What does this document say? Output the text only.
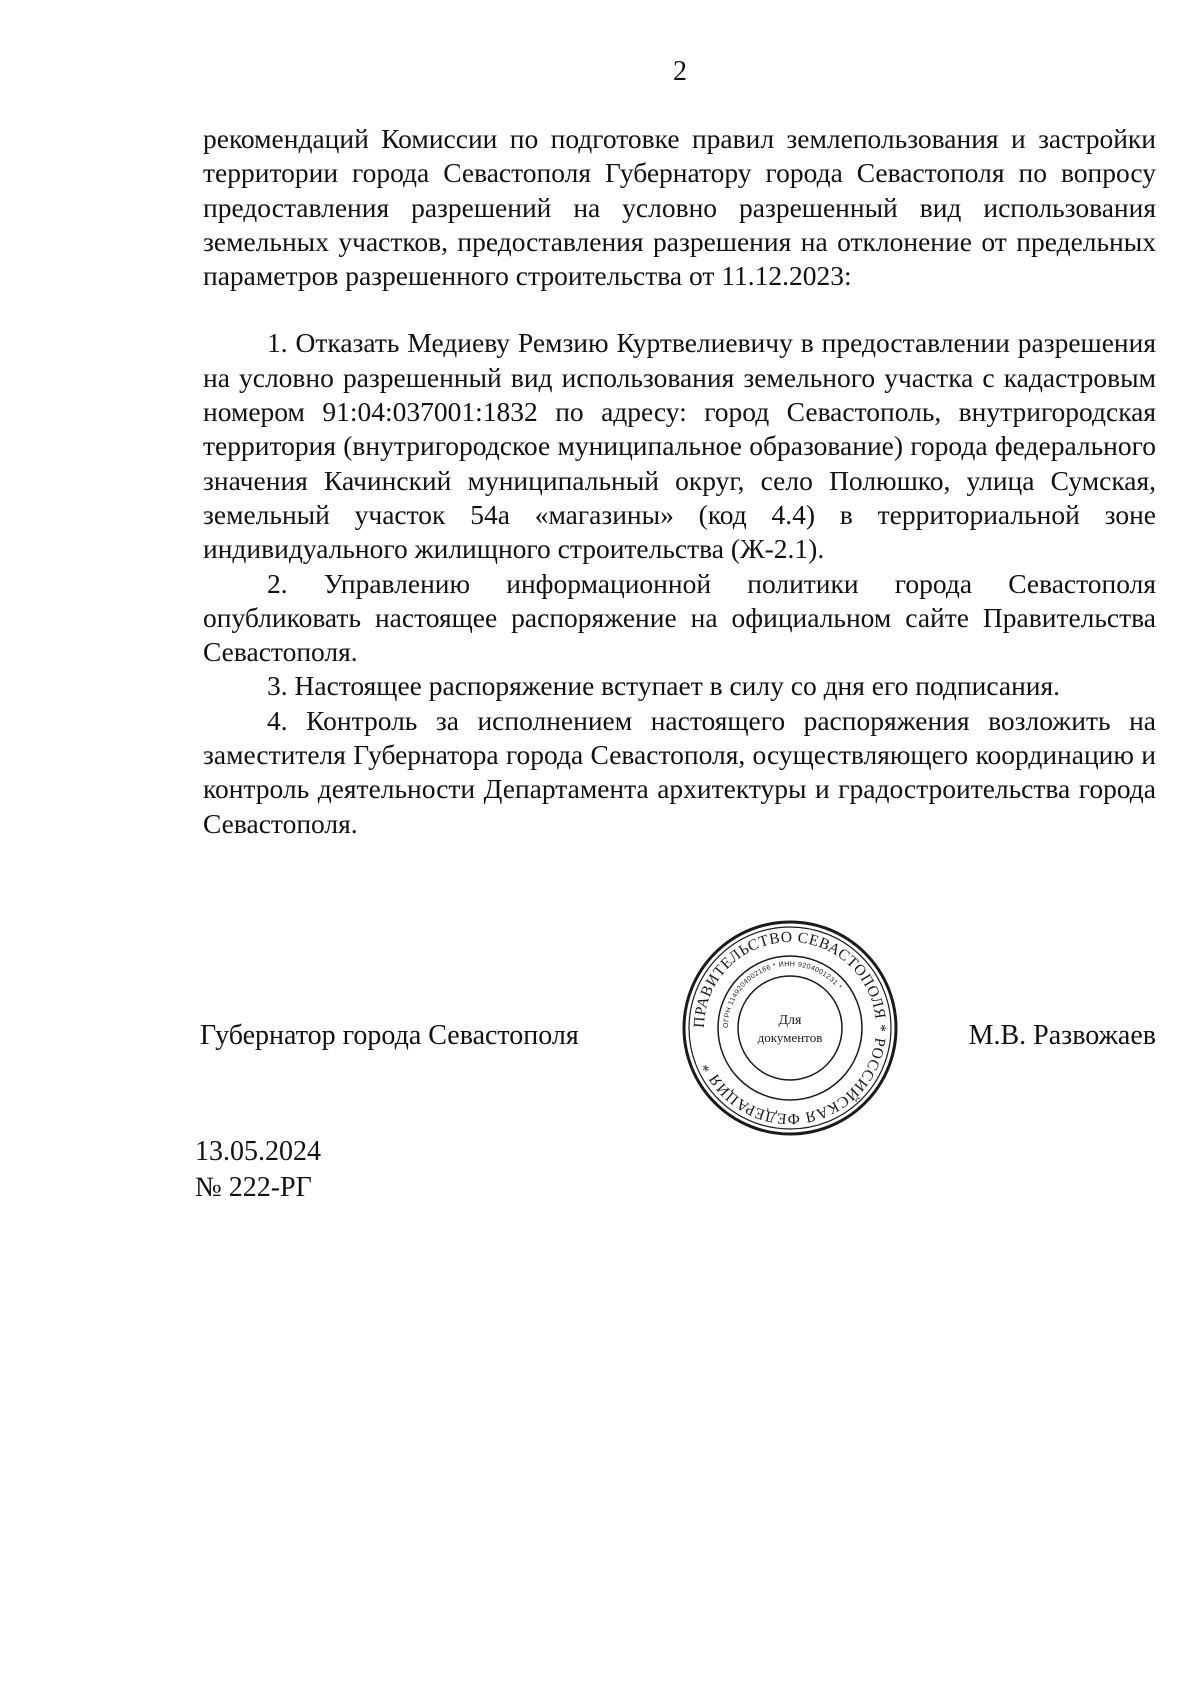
2

рекомендаций Комиссии по подготовке правил землепользования и застройки территории города Севастополя Губернатору города Севастополя по вопросу предоставления разрешений на условно разрешенный вид использования земельных участков, предоставления разрешения на отклонение от предельных параметров разрешенного строительства от 11.12.2023:

1. Отказать Медиеву Ремзию Куртвелиевичу в предоставлении разрешения на условно разрешенный вид использования земельного участка с кадастровым номером 91:04:037001:1832 по адресу: город Севастополь, внутригородская территория (внутригородское муниципальное образование) города федерального значения Качинский муниципальный округ, село Полюшко, улица Сумская, земельный участок 54а «магазины» (код 4.4) в территориальной зоне индивидуального жилищного строительства (Ж-2.1).

2. Управлению информационной политики города Севастополя опубликовать настоящее распоряжение на официальном сайте Правительства Севастополя.

3. Настоящее распоряжение вступает в силу со дня его подписания.

4. Контроль за исполнением настоящего распоряжения возложить на заместителя Губернатора города Севастополя, осуществляющего координацию и контроль деятельности Департамента архитектуры и градостроительства города Севастополя.

Губернатор города Севастополя	М.В. Развожаев
ПРАВИТЕЛЬСТВО СЕВАСТОПОЛЯ * РОССИЙСКАЯ ФЕДЕРАЦИЯ *
ОГРН 1149204002166 * ИНН 9204001231 *
Для
документов
13.05.2024
№ 222-РГ
